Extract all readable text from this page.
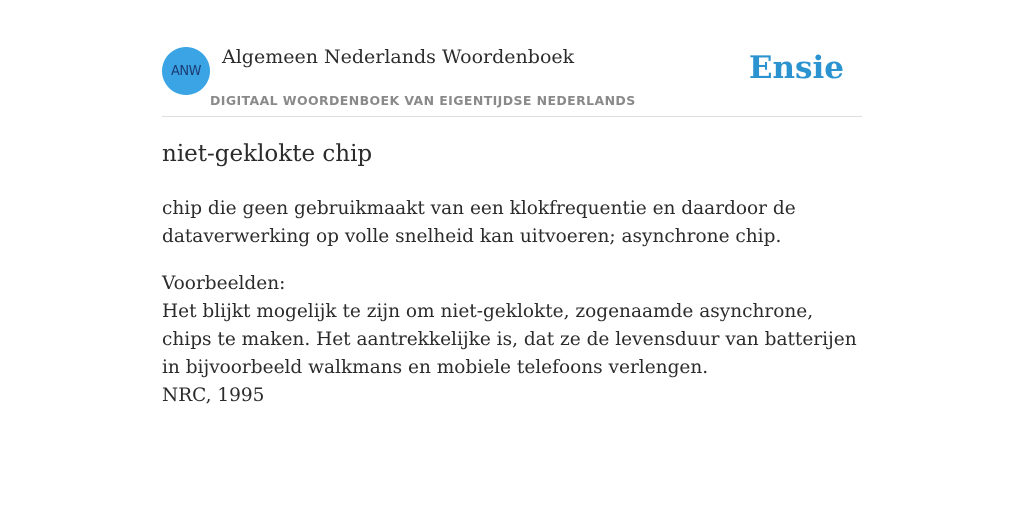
ANW
Algemeen Nederlands Woordenboek
DIGITAAL WOORDENBOEK VAN EIGENTIJDSE NEDERLANDS
Ensie
niet-geklokte chip

chip die geen gebruikmaakt van een klokfrequentie en daardoor de dataverwerking op volle snelheid kan uitvoeren; asynchrone chip.

Voorbeelden:
Het blijkt mogelijk te zijn om niet-geklokte, zogenaamde asynchrone, chips te maken. Het aantrekkelijke is, dat ze de levensduur van batterijen in bijvoorbeeld walkmans en mobiele telefoons verlengen.
NRC, 1995
